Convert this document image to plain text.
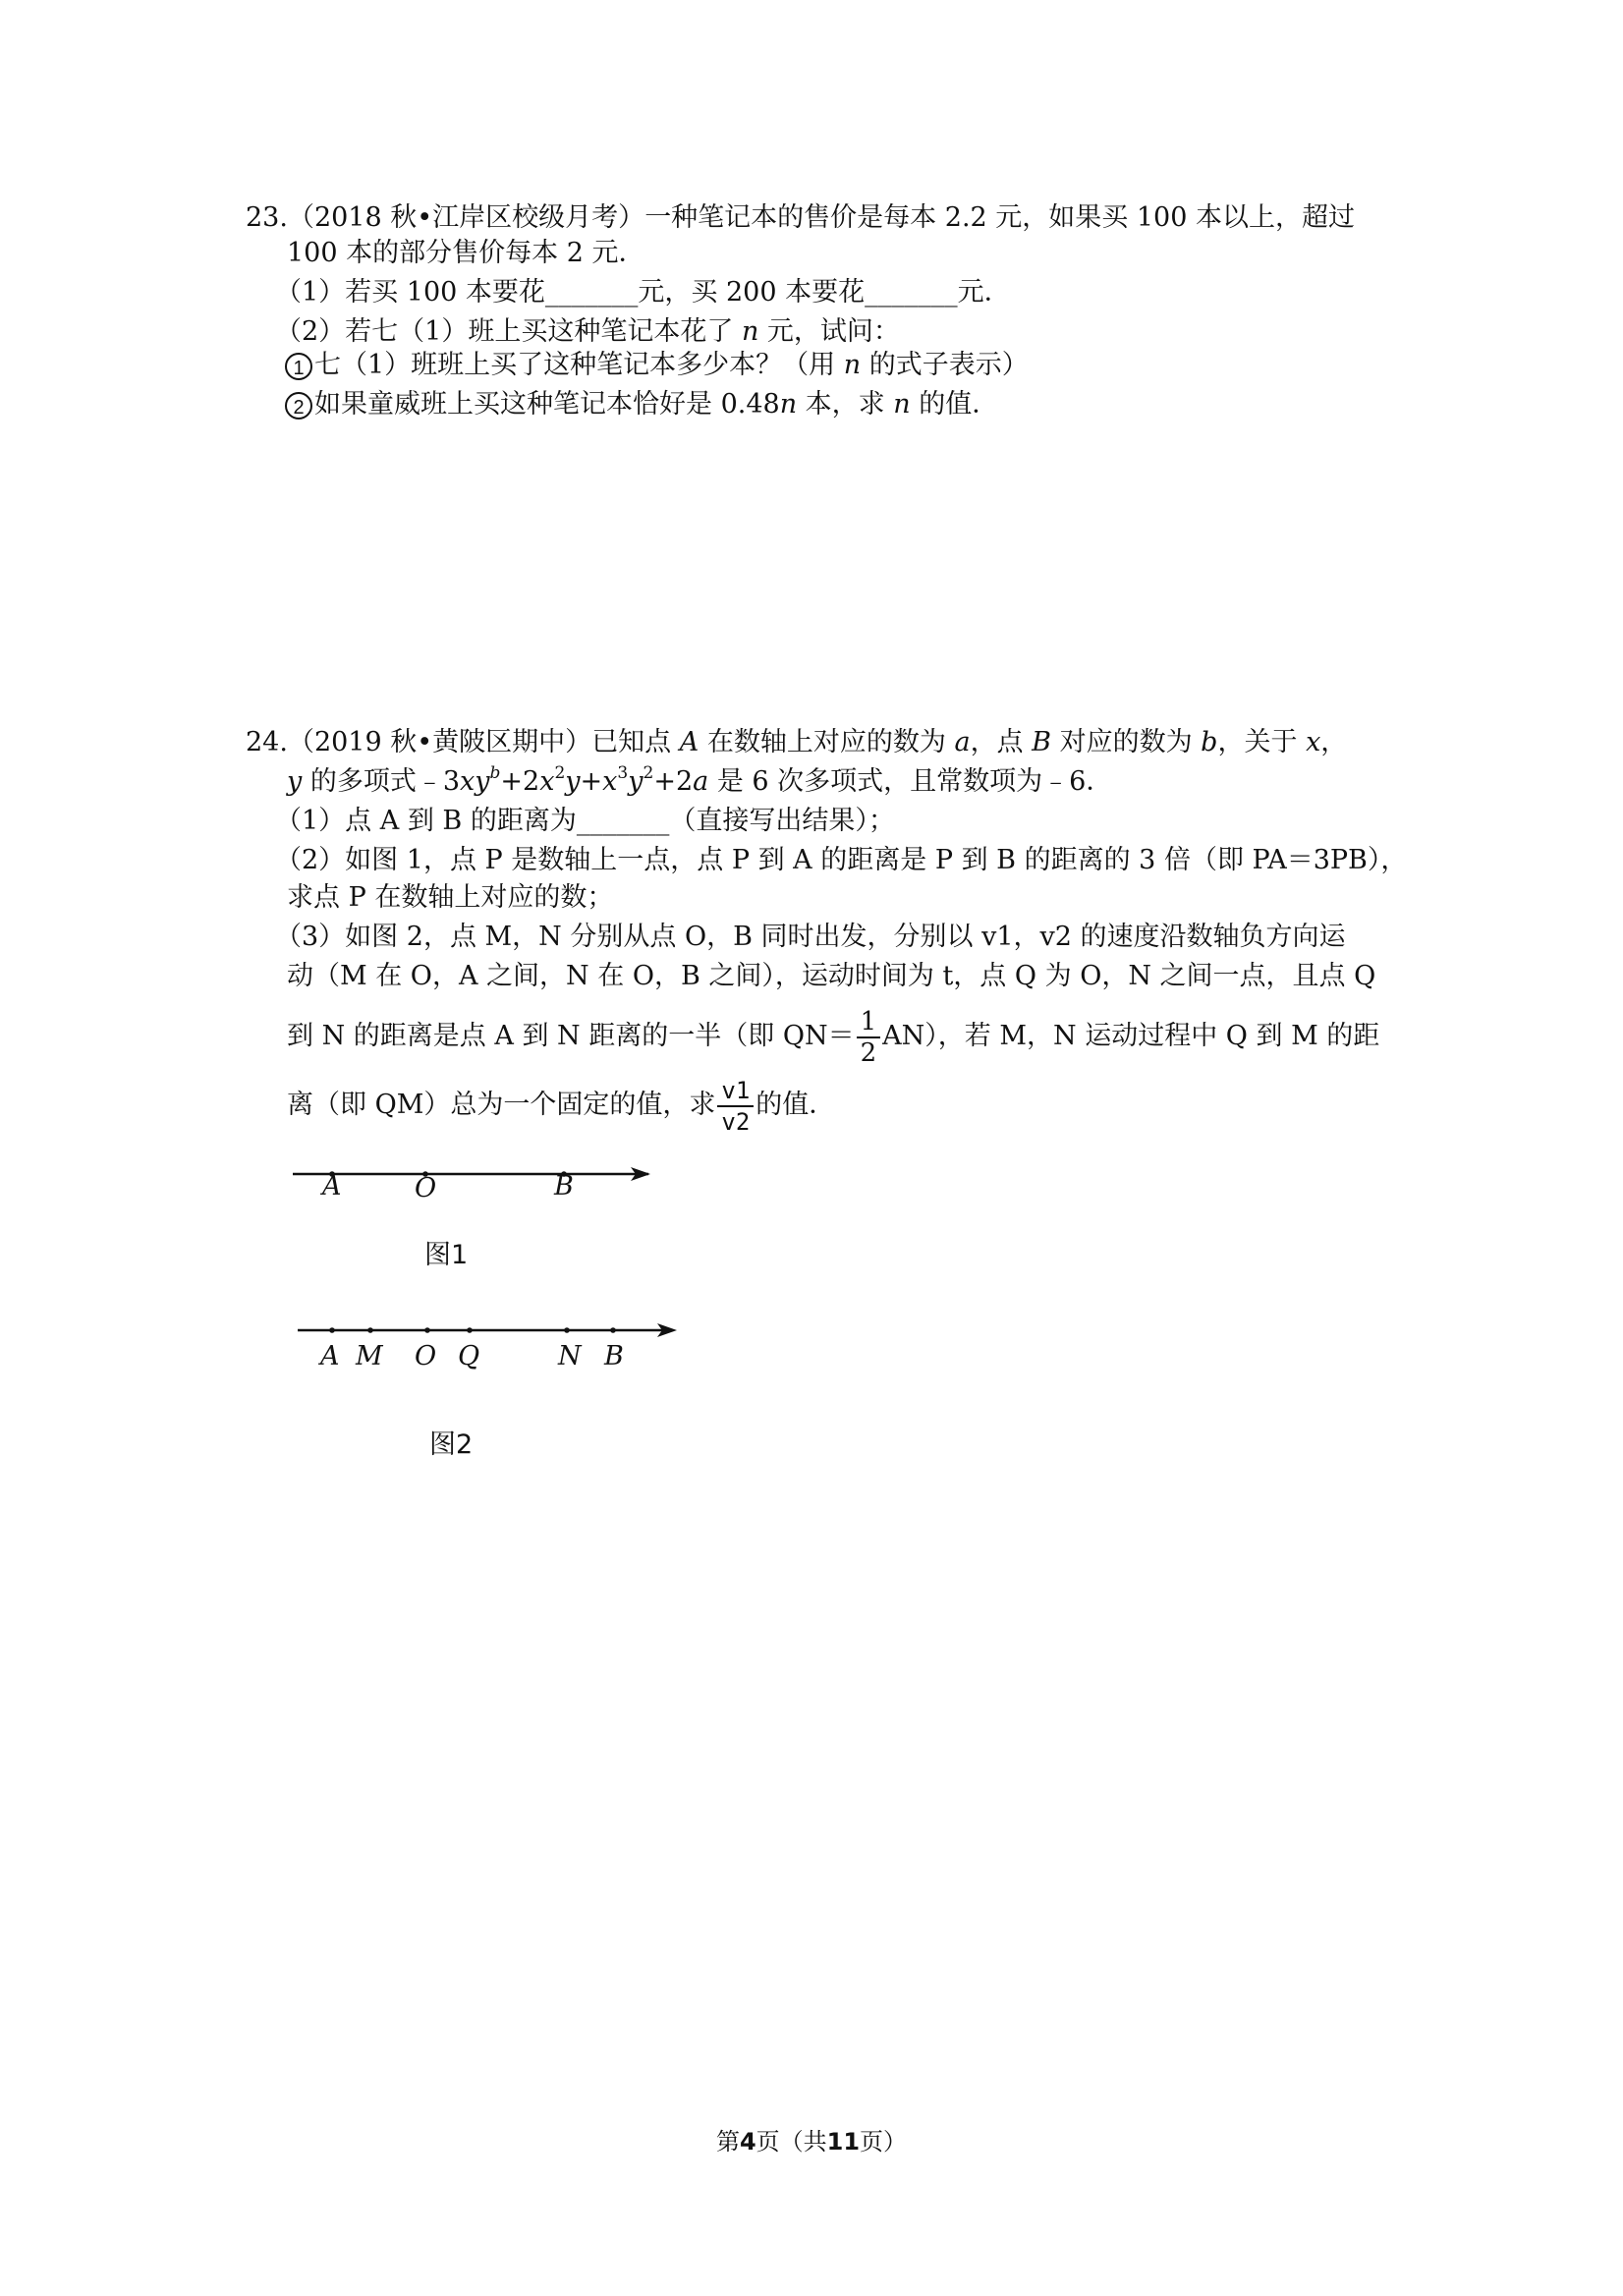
23.（2018 秋•江岸区校级月考）一种笔记本的售价是每本 2.2 元，如果买 100 本以上，超过
100 本的部分售价每本 2 元．
（1）若买 100 本要花_______元，买 200 本要花_______元．
（2）若七（1）班上买这种笔记本花了 n 元，试问：
1 七（1）班班上买了这种笔记本多少本？（用 n 的式子表示）
2 如果童威班上买这种笔记本恰好是 0.48n 本，求 n 的值．
24.（2019 秋•黄陂区期中）已知点 A 在数轴上对应的数为 a，点 B 对应的数为 b，关于 x，
y 的多项式$﹣3xy^b+2x^2y+x^3y^2+2a$ 是 6 次多项式，且常数项为﹣6．
（1）点 A 到 B 的距离为_______（直接写出结果）；
（2）如图 1，点 P 是数轴上一点，点 P 到 A 的距离是 P 到 B 的距离的 3 倍（即 PA＝3PB），
求点 P 在数轴上对应的数；
（3）如图 2，点 M，N 分别从点 O，B 同时出发，分别以 v1，v2 的速度沿数轴负方向运
动（M 在 O，A 之间，N 在 O，B 之间），运动时间为 t，点 Q 为 O，N 之间一点，且点 Q
到 N 的距离是点 A 到 N 距离的一半（即 $QN= \frac{1}{2} AN$），若 M，N 运动过程中 Q 到 M 的距
离（即 QM）总为一个固定的值，求 $\frac{v1}{v2}$ 的值．
A	O	B
图1
A M O Q	N B
图2
第4页（共11页）
